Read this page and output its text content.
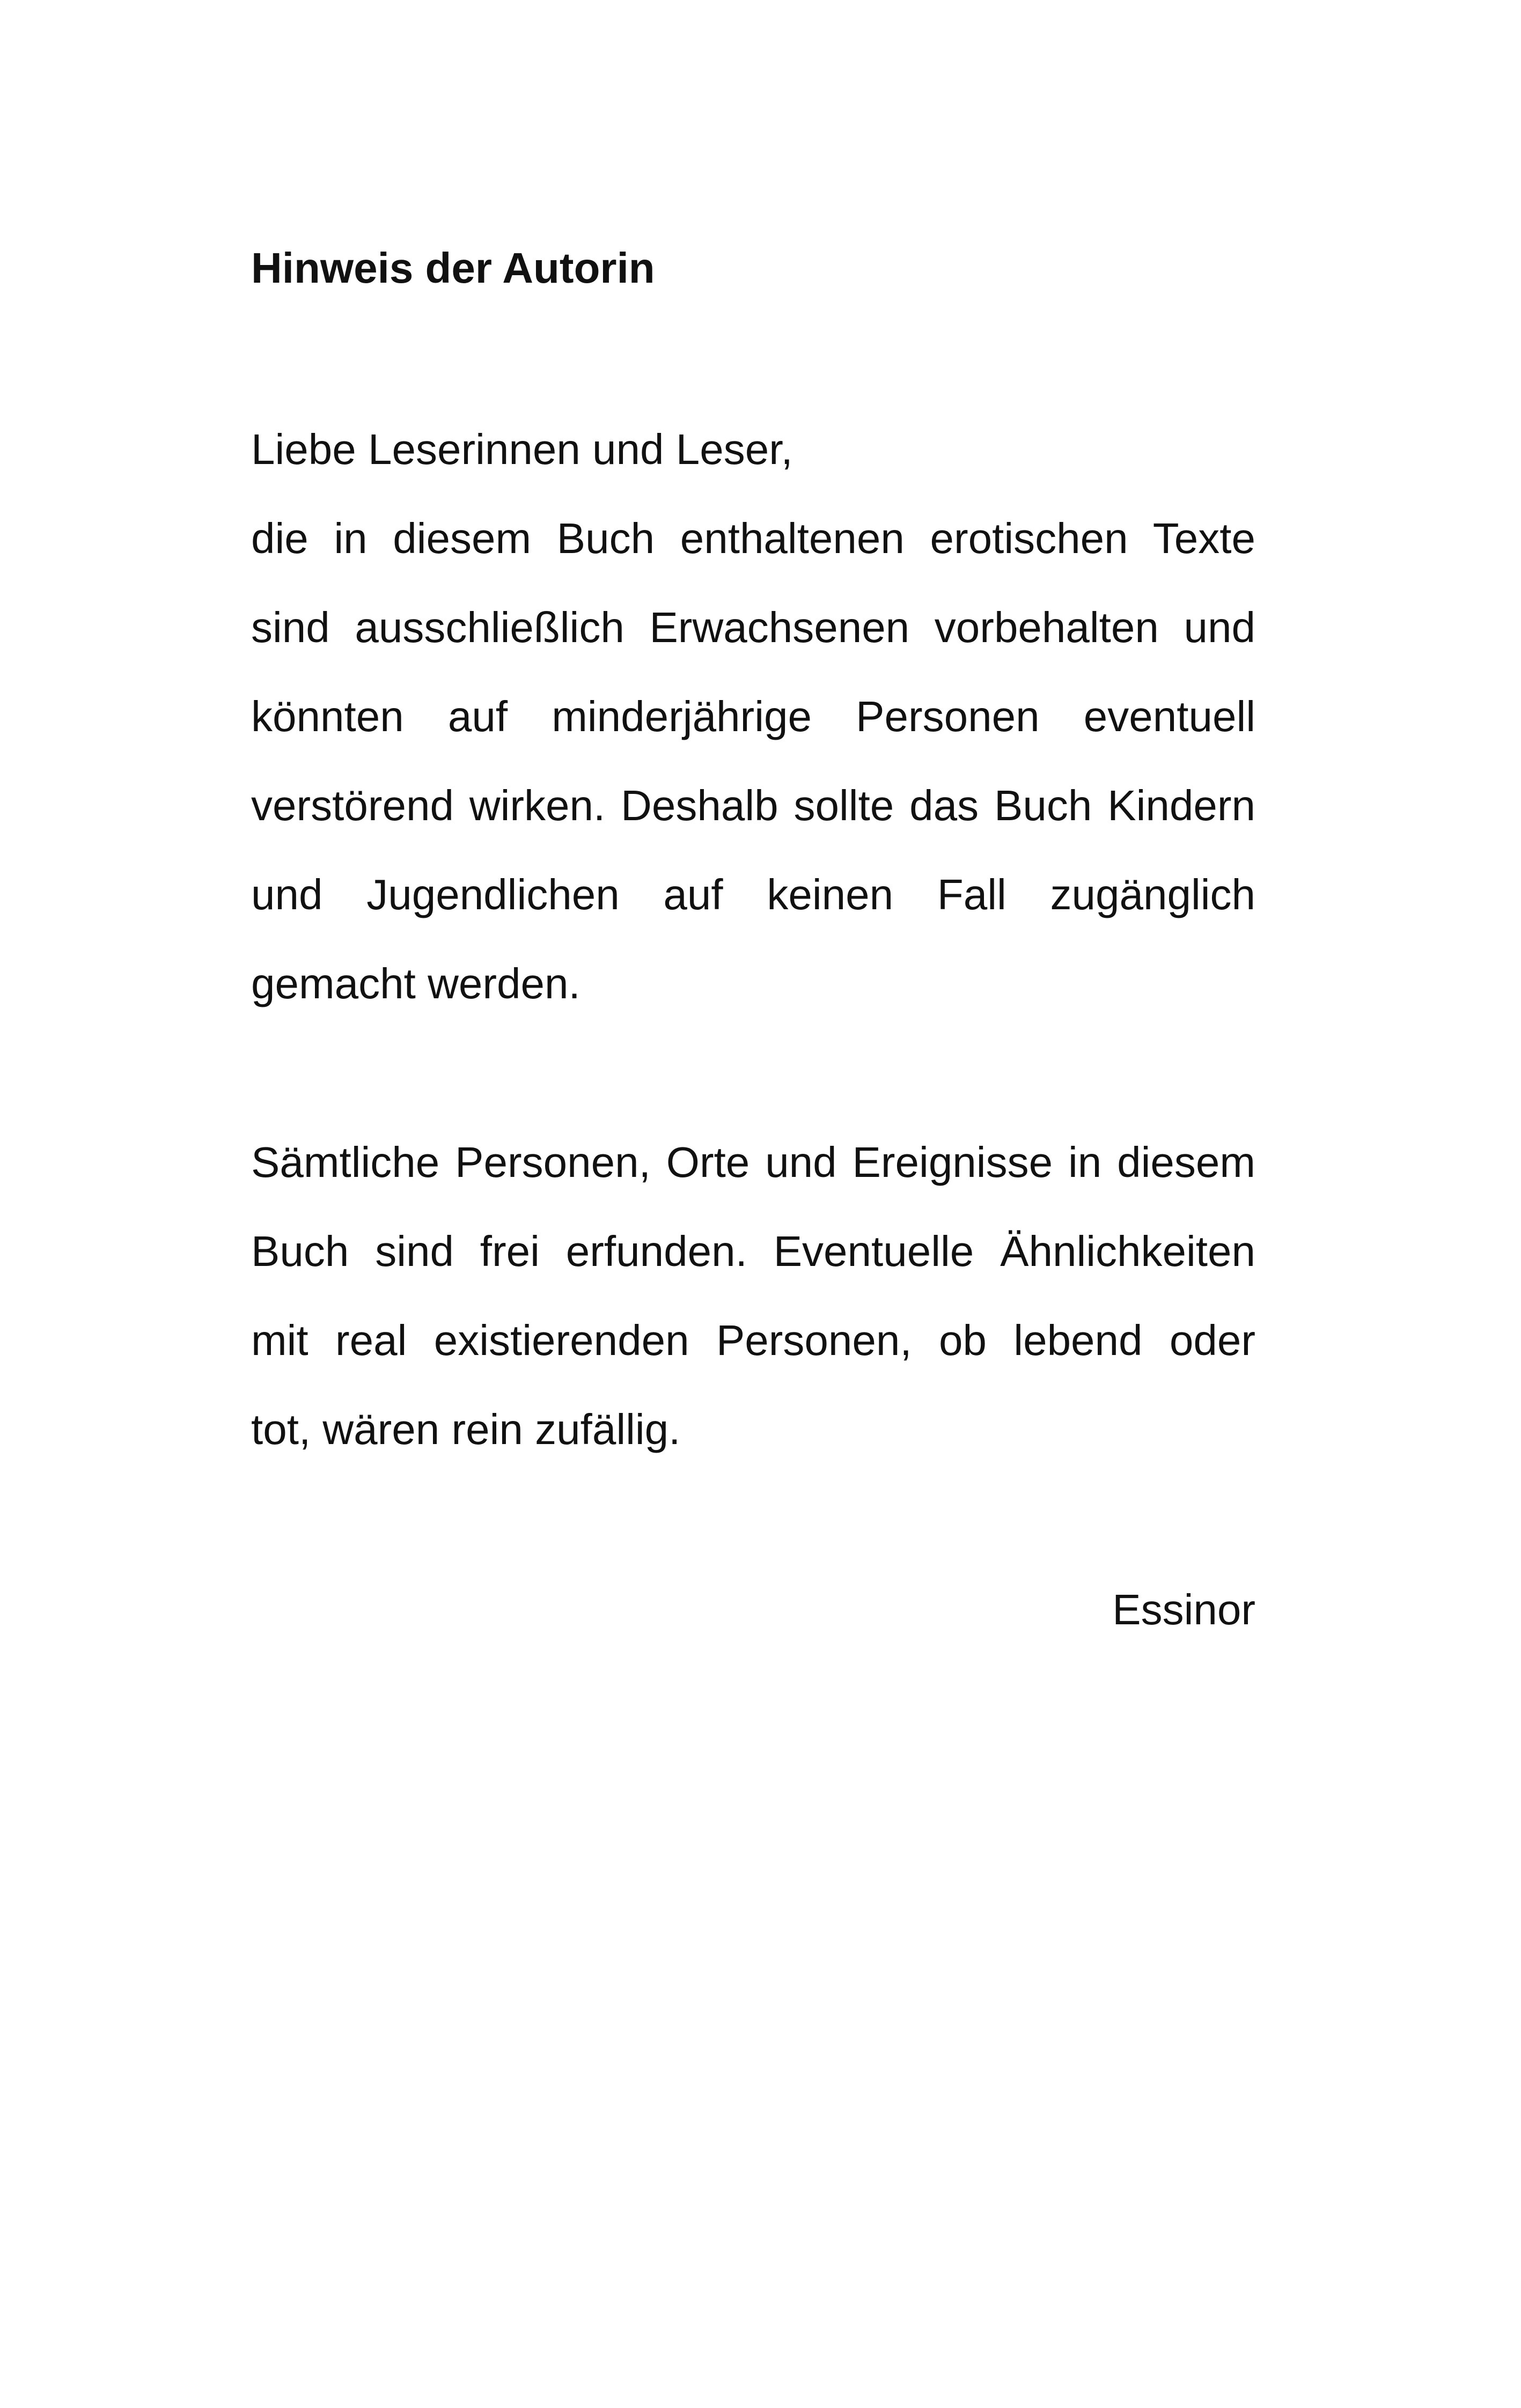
Hinweis der Autorin

Liebe Leserinnen und Leser,

die in diesem Buch enthaltenen erotischen Texte

sind ausschließlich Erwachsenen vorbehalten und

könnten auf minderjährige Personen eventuell

verstörend wirken. Deshalb sollte das Buch Kindern

und Jugendlichen auf keinen Fall zugänglich

gemacht werden.

Sämtliche Personen, Orte und Ereignisse in diesem

Buch sind frei erfunden. Eventuelle Ähnlichkeiten

mit real existierenden Personen, ob lebend oder

tot, wären rein zufällig.

Essinor
